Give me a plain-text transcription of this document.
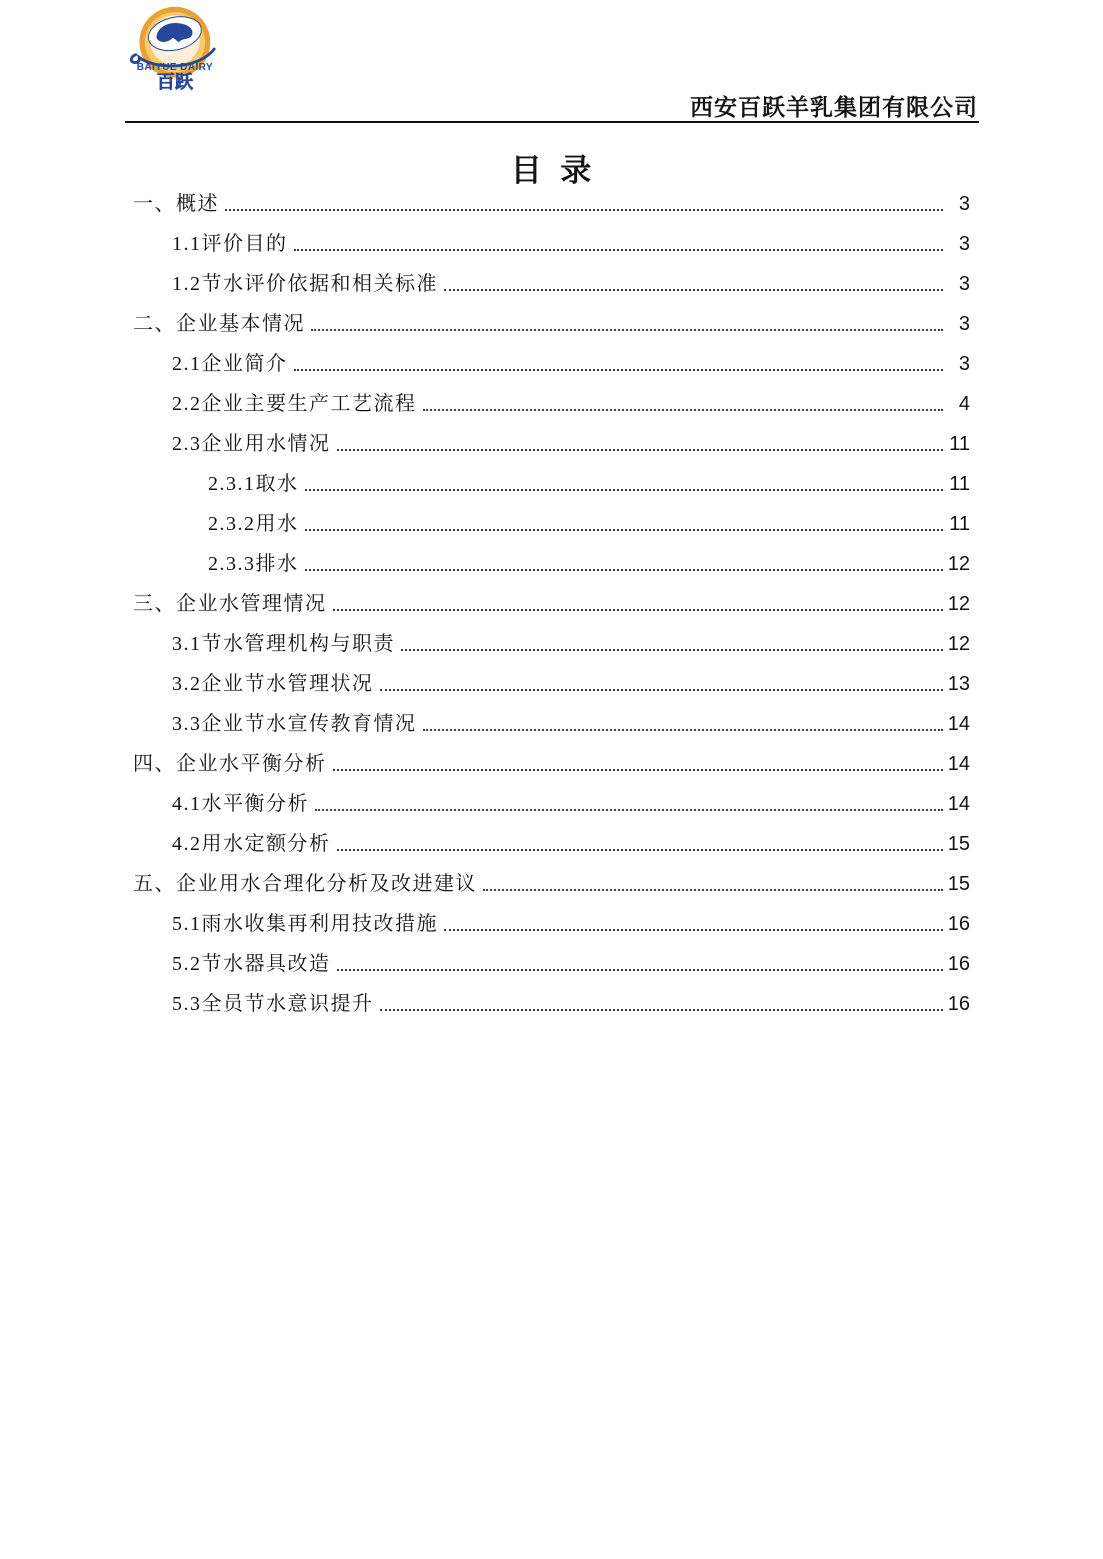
BAIYUE DAIRY
百跃
西安百跃羊乳集团有限公司
目  录
一、概述	3
1.1评价目的	3
1.2节水评价依据和相关标准	3
二、企业基本情况	3
2.1企业简介	3
2.2企业主要生产工艺流程	4
2.3企业用水情况	11
2.3.1取水	11
2.3.2用水	11
2.3.3排水	12
三、企业水管理情况	12
3.1节水管理机构与职责	12
3.2企业节水管理状况	13
3.3企业节水宣传教育情况	14
四、企业水平衡分析	14
4.1水平衡分析	14
4.2用水定额分析	15
五、企业用水合理化分析及改进建议	15
5.1雨水收集再利用技改措施	16
5.2节水器具改造	16
5.3全员节水意识提升	16
